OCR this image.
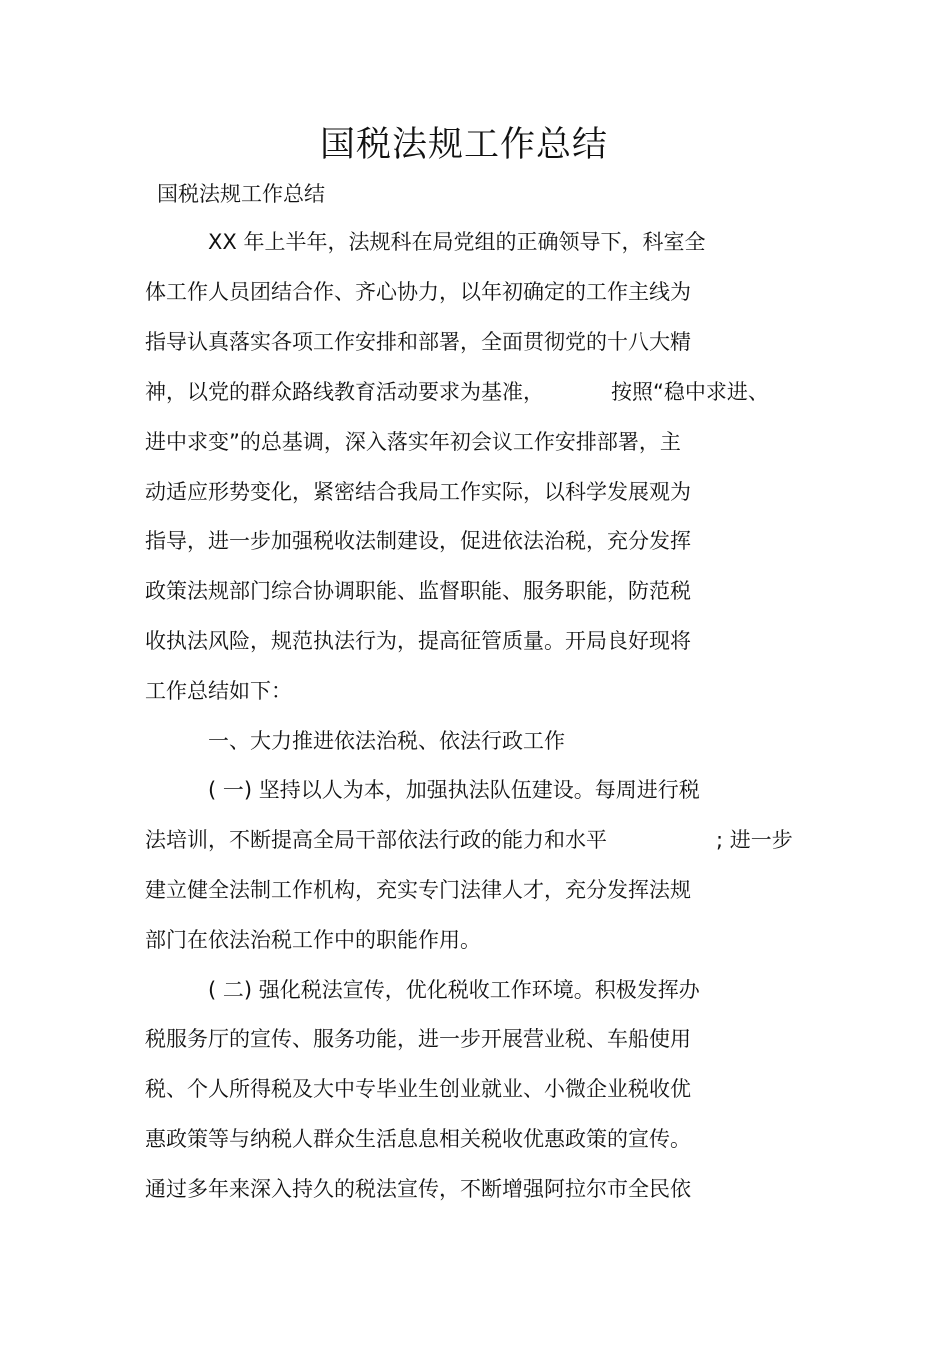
国税法规工作总结
国税法规工作总结
XX 年上半年，法规科在局党组的正确领导下，科室全
体工作人员团结合作、齐心协力，以年初确定的工作主线为
指导认真落实各项工作安排和部署，全面贯彻党的十八大精
神，以党的群众路线教育活动要求为基准，	按照“稳中求进、
进中求变”的总基调，深入落实年初会议工作安排部署，主
动适应形势变化，紧密结合我局工作实际，以科学发展观为
指导，进一步加强税收法制建设，促进依法治税，充分发挥
政策法规部门综合协调职能、监督职能、服务职能，防范税
收执法风险，规范执法行为，提高征管质量。开局良好现将
工作总结如下：
一、大力推进依法治税、依法行政工作
( 一) 坚持以人为本，加强执法队伍建设。每周进行税
法培训，不断提高全局干部依法行政的能力和水平	; 进一步
建立健全法制工作机构，充实专门法律人才，充分发挥法规
部门在依法治税工作中的职能作用。
( 二) 强化税法宣传，优化税收工作环境。积极发挥办
税服务厅的宣传、服务功能，进一步开展营业税、车船使用
税、个人所得税及大中专毕业生创业就业、小微企业税收优
惠政策等与纳税人群众生活息息相关税收优惠政策的宣传。
通过多年来深入持久的税法宣传，不断增强阿拉尔市全民依
